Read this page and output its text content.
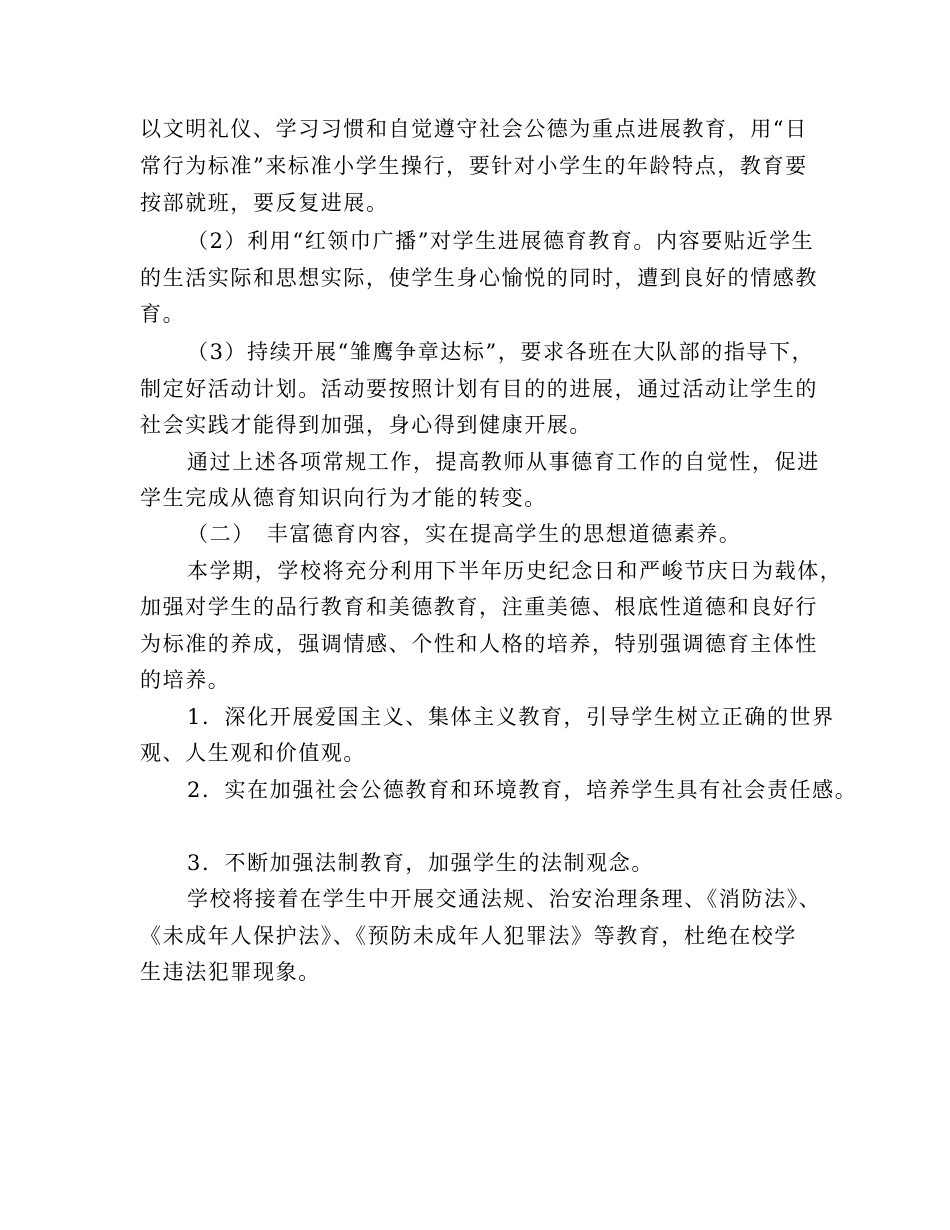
以文明礼仪、学习习惯和自觉遵守社会公德为重点进展教育，用“日
常行为标准”来标准小学生操行，要针对小学生的年龄特点，教育要
按部就班，要反复进展。
（2）利用“红领巾广播”对学生进展德育教育。内容要贴近学生
的生活实际和思想实际，使学生身心愉悦的同时，遭到良好的情感教
育。
（3）持续开展“雏鹰争章达标”，要求各班在大队部的指导下，
制定好活动计划。活动要按照计划有目的的进展，通过活动让学生的
社会实践才能得到加强，身心得到健康开展。
通过上述各项常规工作，提高教师从事德育工作的自觉性，促进
学生完成从德育知识向行为才能的转变。
（二）　丰富德育内容，实在提高学生的思想道德素养。
本学期，学校将充分利用下半年历史纪念日和严峻节庆日为载体，
加强对学生的品行教育和美德教育，注重美德、根底性道德和良好行
为标准的养成，强调情感、个性和人格的培养，特别强调德育主体性
的培养。
1．深化开展爱国主义、集体主义教育，引导学生树立正确的世界
观、人生观和价值观。
2．实在加强社会公德教育和环境教育，培养学生具有社会责任感。
3．不断加强法制教育，加强学生的法制观念。
学校将接着在学生中开展交通法规、治安治理条理、《消防法》、
《未成年人保护法》、《预防未成年人犯罪法》等教育，杜绝在校学
生违法犯罪现象。
